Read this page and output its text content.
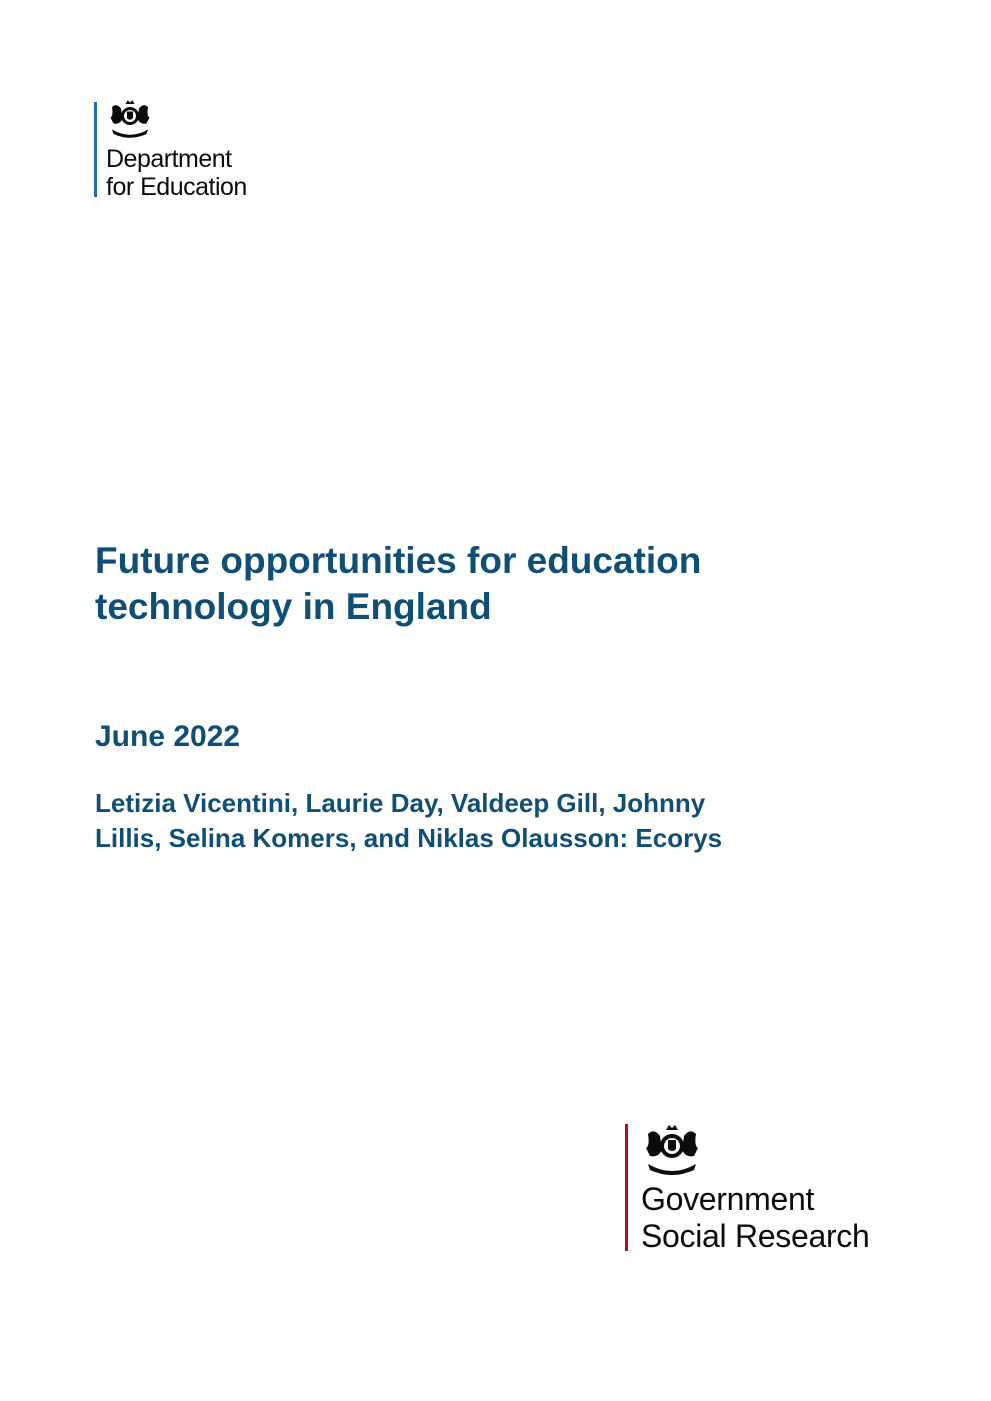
Department
for Education
Future opportunities for education
technology in England
June 2022
Letizia Vicentini, Laurie Day, Valdeep Gill, Johnny
Lillis, Selina Komers, and Niklas Olausson: Ecorys
Government
Social Research
